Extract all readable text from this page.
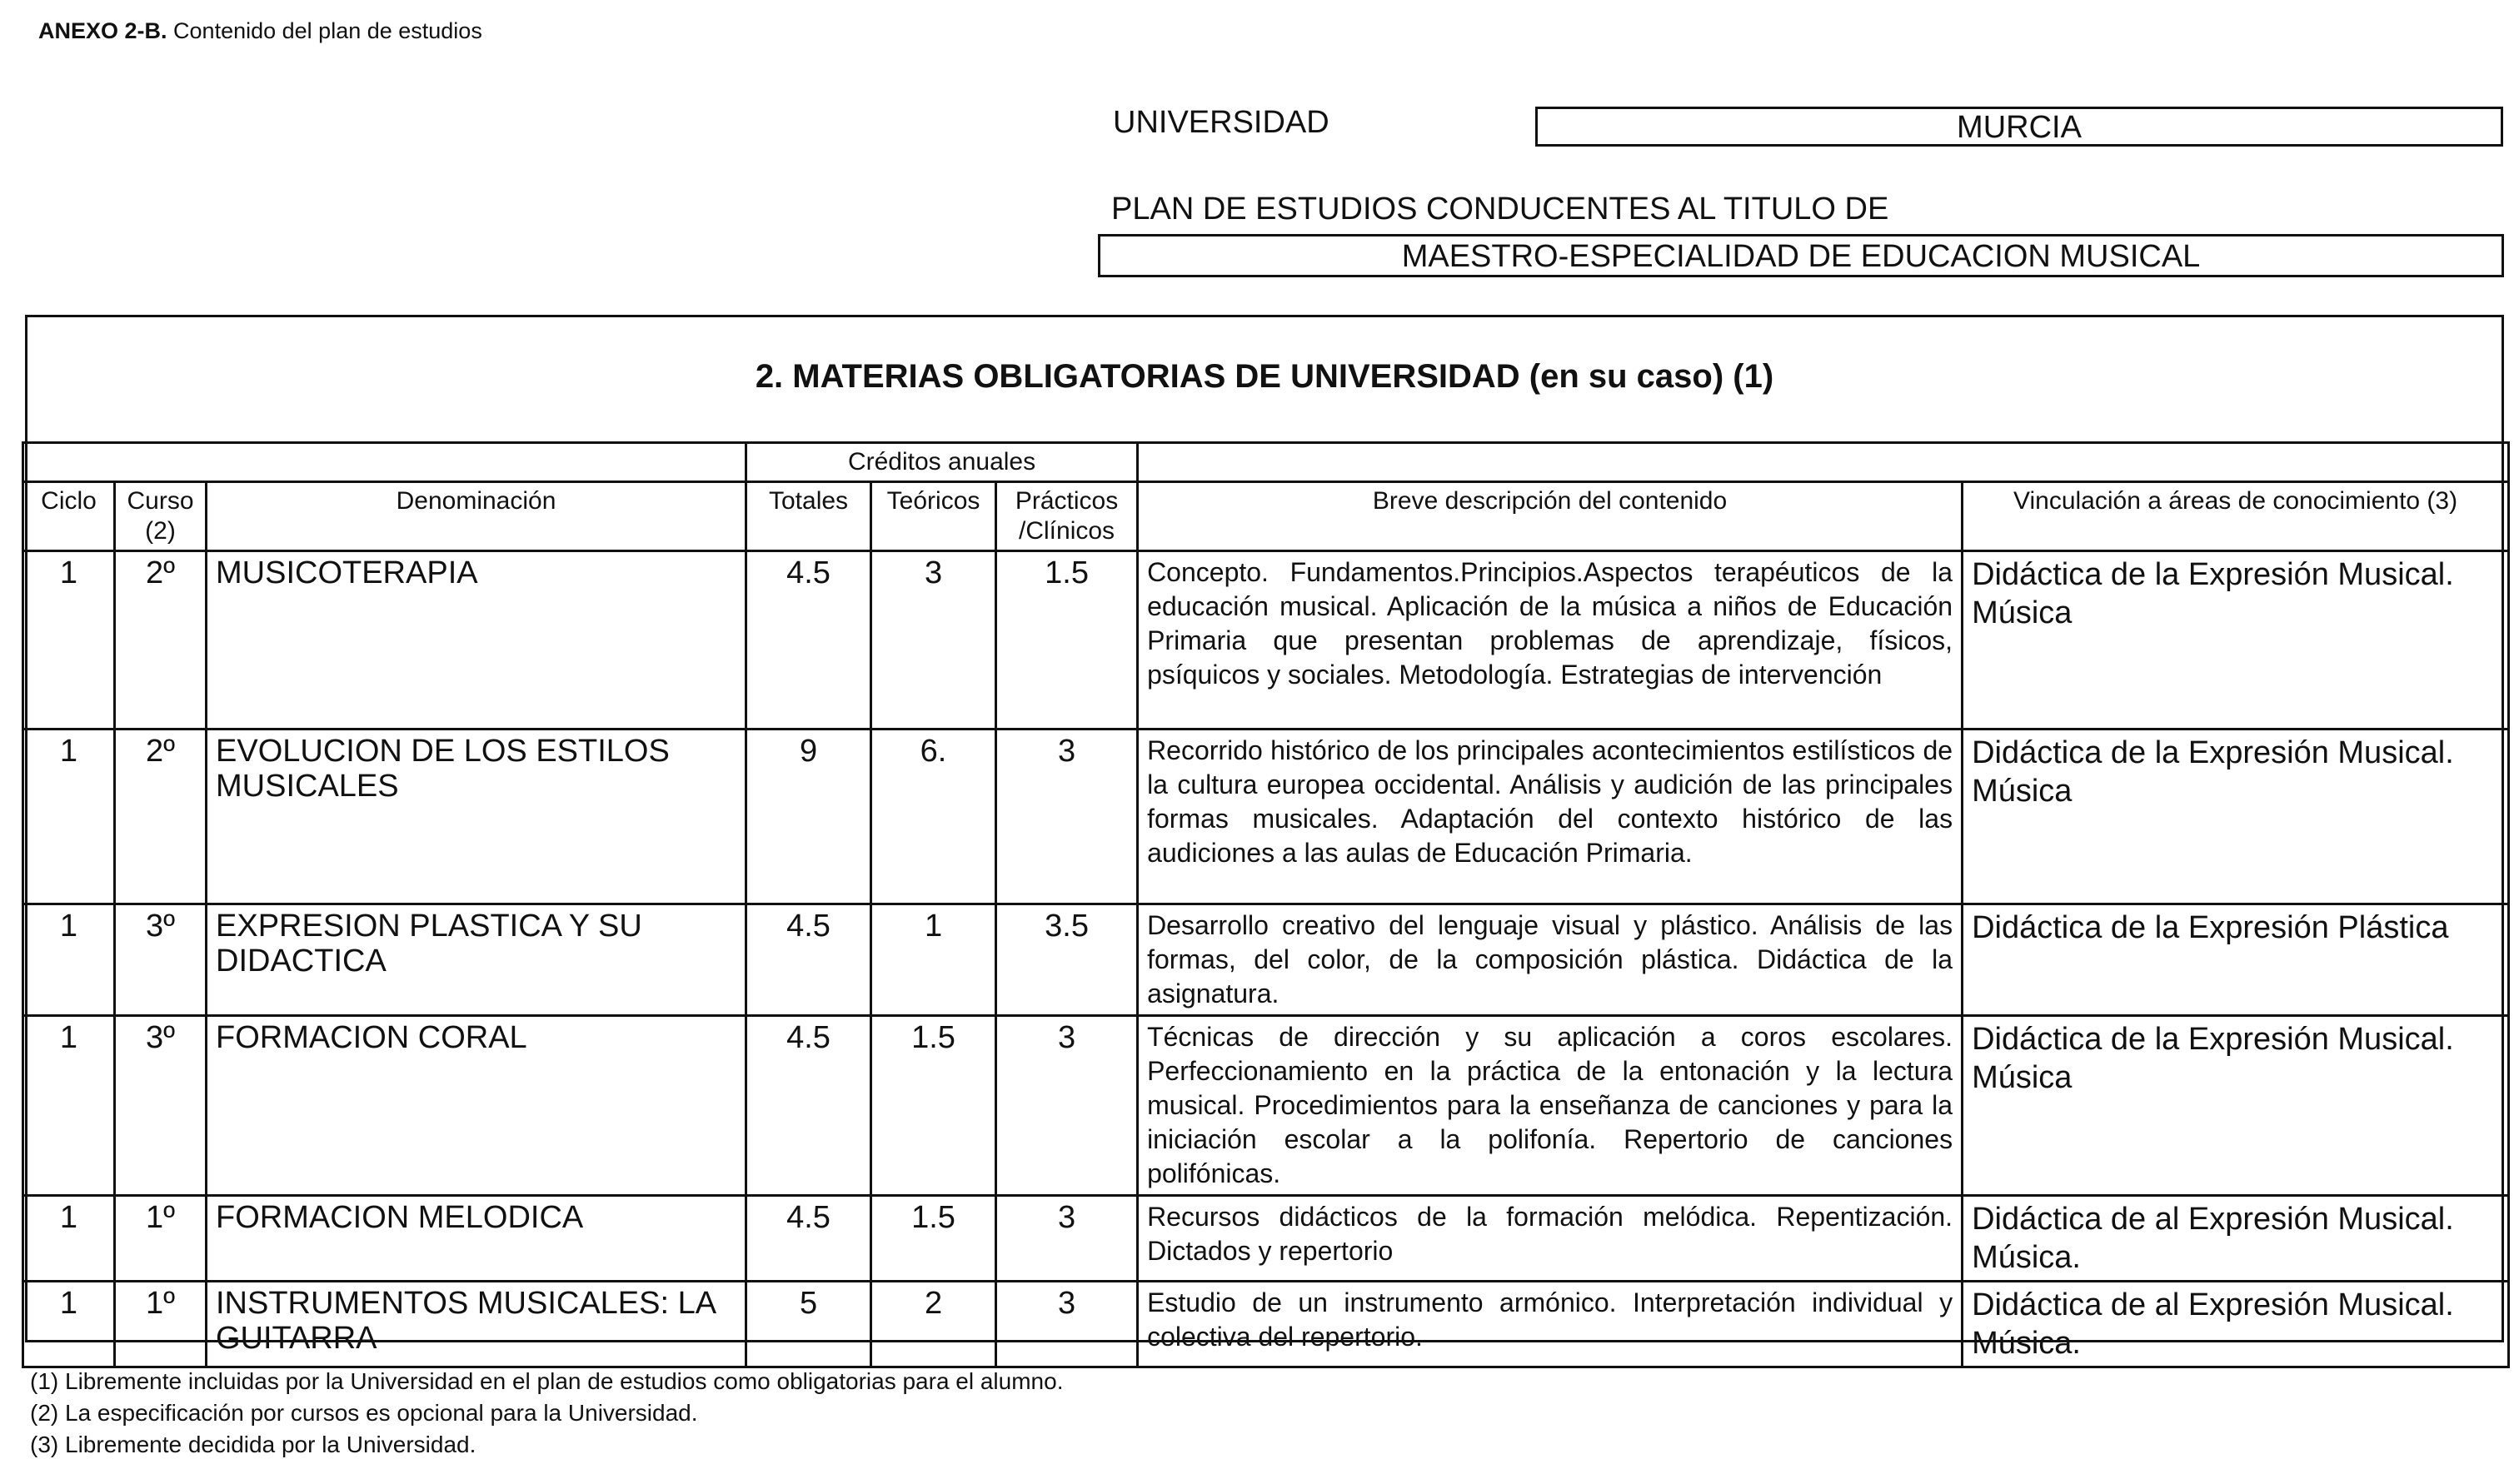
ANEXO 2-B. Contenido del plan de estudios
UNIVERSIDAD	MURCIA
PLAN DE ESTUDIOS CONDUCENTES AL TITULO DE
MAESTRO-ESPECIALIDAD DE EDUCACION MUSICAL
2. MATERIAS OBLIGATORIAS DE UNIVERSIDAD (en su caso) (1)
			Créditos anuales				
Ciclo	Curso (2)	Denominación	Totales	Teóricos	Prácticos /Clínicos	Breve descripción del contenido	Vinculación a áreas de conocimiento (3)
1	2º	MUSICOTERAPIA	4.5	3	1.5	Concepto. Fundamentos.Principios.Aspectos terapéuticos de la educación musical. Aplicación de la música a niños de Educación Primaria que presentan problemas de aprendizaje, físicos, psíquicos y sociales. Metodología. Estrategias de intervención	Didáctica de la Expresión Musical. Música
1	2º	EVOLUCION DE LOS ESTILOS MUSICALES	9	6.	3	Recorrido histórico de los principales acontecimientos estilísticos de la cultura europea occidental. Análisis y audición de las principales formas musicales. Adaptación del contexto histórico de las audiciones a las aulas de Educación Primaria.	Didáctica de la Expresión Musical. Música
1	3º	EXPRESION PLASTICA Y SU DIDACTICA	4.5	1	3.5	Desarrollo creativo del lenguaje visual y plástico. Análisis de las formas, del color, de la composición plástica. Didáctica de la asignatura.	Didáctica de la Expresión Plástica
1	3º	FORMACION CORAL	4.5	1.5	3	Técnicas de dirección y su aplicación a coros escolares. Perfeccionamiento en la práctica de la entonación y la lectura musical. Procedimientos para la enseñanza de canciones y para la iniciación escolar a la polifonía. Repertorio de canciones polifónicas.	Didáctica de la Expresión Musical. Música
1	1º	FORMACION MELODICA	4.5	1.5	3	Recursos didácticos de la formación melódica. Repentización. Dictados y repertorio	Didáctica de al Expresión Musical. Música.
1	1º	INSTRUMENTOS MUSICALES: LA GUITARRA	5	2	3	Estudio de un instrumento armónico. Interpretación individual y colectiva del repertorio.	Didáctica de al Expresión Musical. Música.
(1) Libremente incluidas por la Universidad en el plan de estudios como obligatorias para el alumno.
(2) La especificación por cursos es opcional para la Universidad.
(3) Libremente decidida por la Universidad.
